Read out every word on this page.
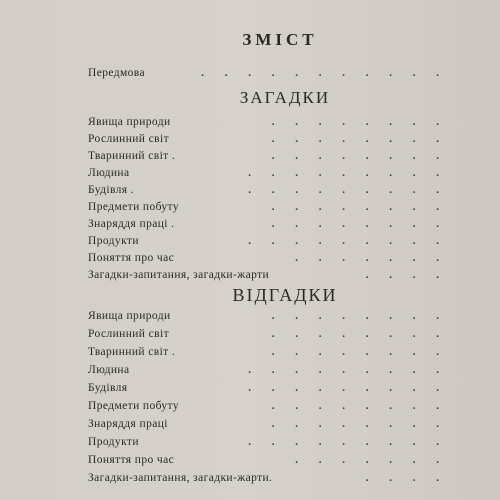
ЗМІСТ
Передмова	. . . . . . . . . . .
ЗАГАДКИ
Явища природи	. . . . . . . .
Рослинний світ	. . . . . . . .
Тваринний світ .	. . . . . . . .
Людина	. . . . . . . . .
Будівля .	. . . . . . . . .
Предмети побуту	. . . . . . . .
Знаряддя праці .	. . . . . . . .
Продукти	. . . . . . . . .
Поняття про час	. . . . . . .
Загадки-запитання, загадки-жарти	. . . .
ВІДГАДКИ
Явища природи	. . . . . . . .
Рослинний світ	. . . . . . . .
Тваринний світ .	. . . . . . . .
Людина	. . . . . . . . .
Будівля	. . . . . . . . .
Предмети побуту	. . . . . . . .
Знаряддя праці	. . . . . . . .
Продукти	. . . . . . . . .
Поняття про час	. . . . . . .
Загадки-запитання, загадки-жарти.	. . . .
